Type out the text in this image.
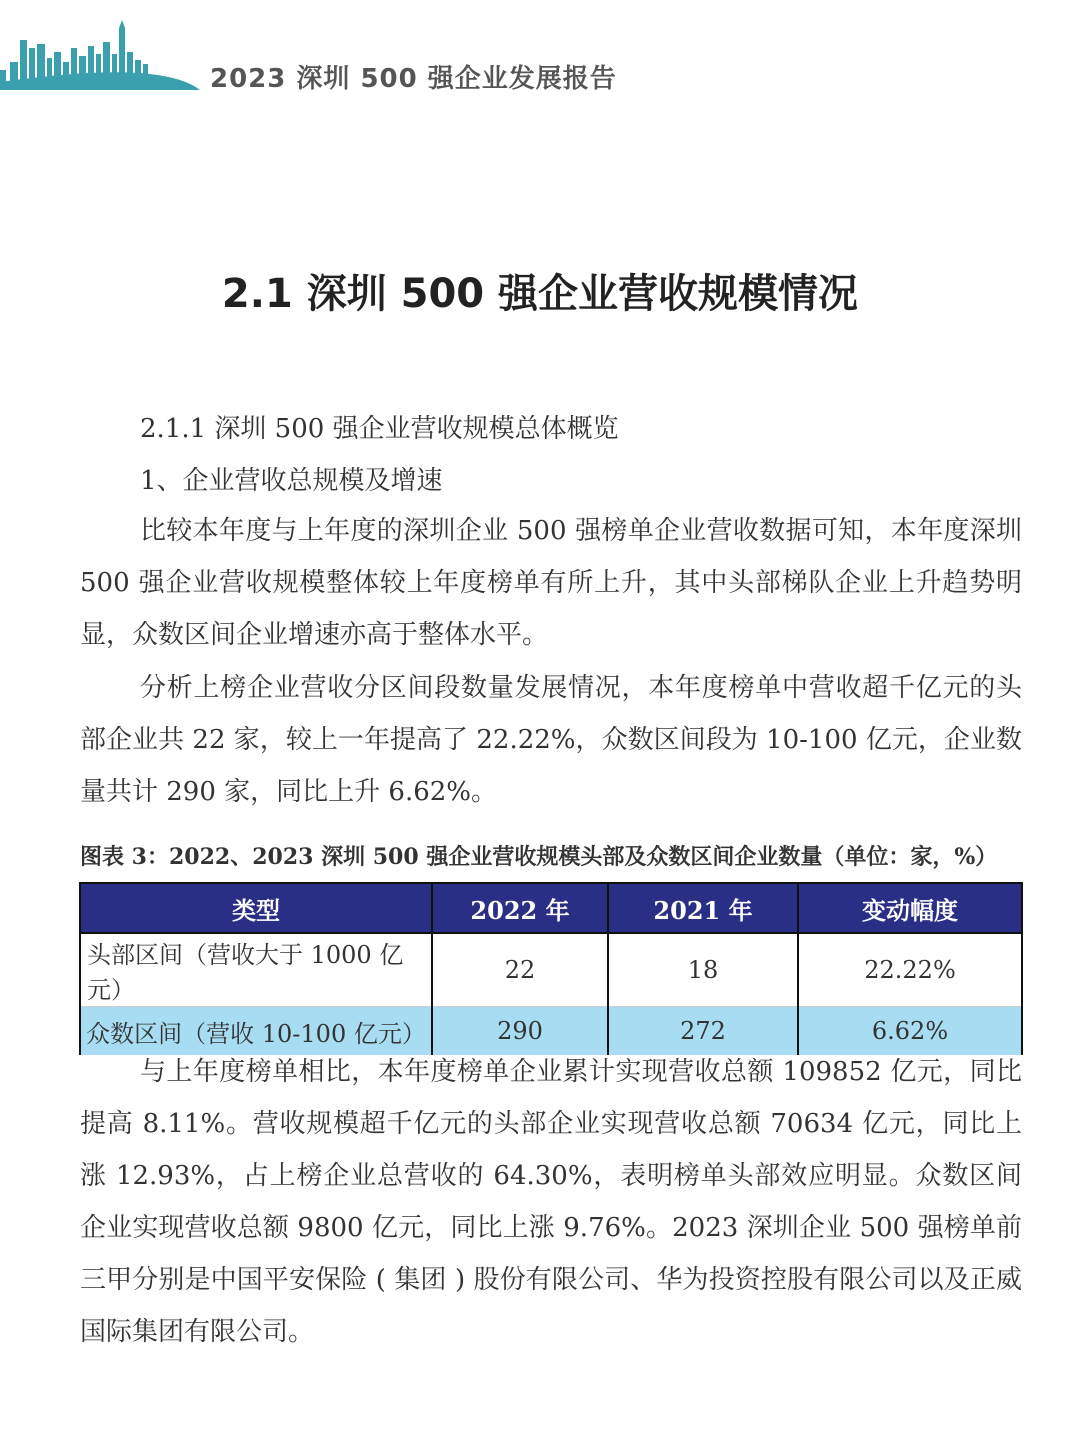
2023 深圳 500 强企业发展报告
2.1 深圳 500 强企业营收规模情况
2.1.1 深圳 500 强企业营收规模总体概览
1、企业营收总规模及增速

比较本年度与上年度的深圳企业 500 强榜单企业营收数据可知，本年度深圳 500 强企业营收规模整体较上年度榜单有所上升，其中头部梯队企业上升趋势明显，众数区间企业增速亦高于整体水平。

分析上榜企业营收分区间段数量发展情况，本年度榜单中营收超千亿元的头部企业共 22 家，较上一年提高了 22.22%，众数区间段为 10-100 亿元，企业数量共计 290 家，同比上升 6.62%。

图表 3：2022、2023 深圳 500 强企业营收规模头部及众数区间企业数量（单位：家，%）
类型	2022 年	2021 年	变动幅度
头部区间（营收大于 1000 亿元）	22	18	22.22%
众数区间（营收 10-100 亿元）	290	272	6.62%

与上年度榜单相比，本年度榜单企业累计实现营收总额 109852 亿元，同比提高 8.11%。营收规模超千亿元的头部企业实现营收总额 70634 亿元，同比上涨 12.93%，占上榜企业总营收的 64.30%，表明榜单头部效应明显。众数区间企业实现营收总额 9800 亿元，同比上涨 9.76%。2023 深圳企业 500 强榜单前三甲分别是中国平安保险 ( 集团 ) 股份有限公司、华为投资控股有限公司以及正威国际集团有限公司。
